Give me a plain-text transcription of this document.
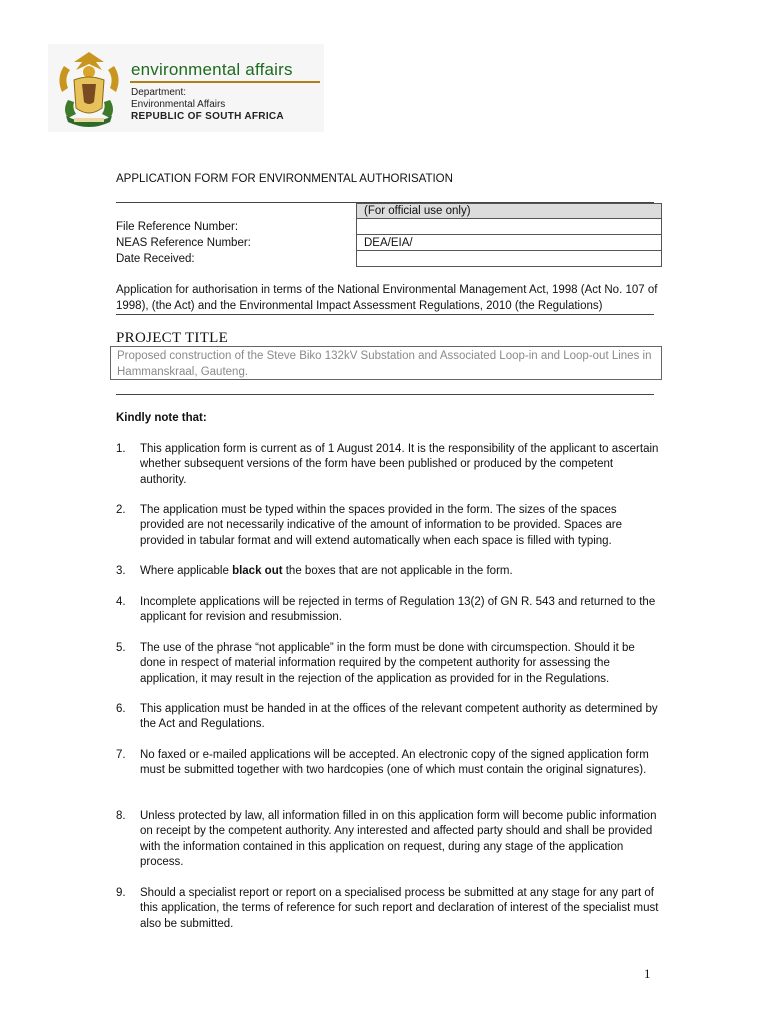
environmental affairs
Department:
Environmental Affairs
REPUBLIC OF SOUTH AFRICA
APPLICATION FORM FOR ENVIRONMENTAL AUTHORISATION
File Reference Number:
NEAS Reference Number:
Date Received:
(For official use only)
DEA/EIA/
Application for authorisation in terms of the National Environmental Management Act, 1998 (Act No. 107 of 1998), (the Act) and the Environmental Impact Assessment Regulations, 2010 (the Regulations)
PROJECT TITLE
Proposed construction of the Steve Biko 132kV Substation and Associated Loop-in and Loop-out Lines in Hammanskraal, Gauteng.
Kindly note that:
1. This application form is current as of 1 August 2014. It is the responsibility of the applicant to ascertain whether subsequent versions of the form have been published or produced by the competent authority.
2. The application must be typed within the spaces provided in the form. The sizes of the spaces provided are not necessarily indicative of the amount of information to be provided. Spaces are provided in tabular format and will extend automatically when each space is filled with typing.
3. Where applicable black out the boxes that are not applicable in the form.
4. Incomplete applications will be rejected in terms of Regulation 13(2) of GN R. 543 and returned to the applicant for revision and resubmission.
5. The use of the phrase “not applicable” in the form must be done with circumspection. Should it be done in respect of material information required by the competent authority for assessing the application, it may result in the rejection of the application as provided for in the Regulations.
6. This application must be handed in at the offices of the relevant competent authority as determined by the Act and Regulations.
7. No faxed or e-mailed applications will be accepted. An electronic copy of the signed application form must be submitted together with two hardcopies (one of which must contain the original signatures).
8. Unless protected by law, all information filled in on this application form will become public information on receipt by the competent authority. Any interested and affected party should and shall be provided with the information contained in this application on request, during any stage of the application process.
9. Should a specialist report or report on a specialised process be submitted at any stage for any part of this application, the terms of reference for such report and declaration of interest of the specialist must also be submitted.
1
